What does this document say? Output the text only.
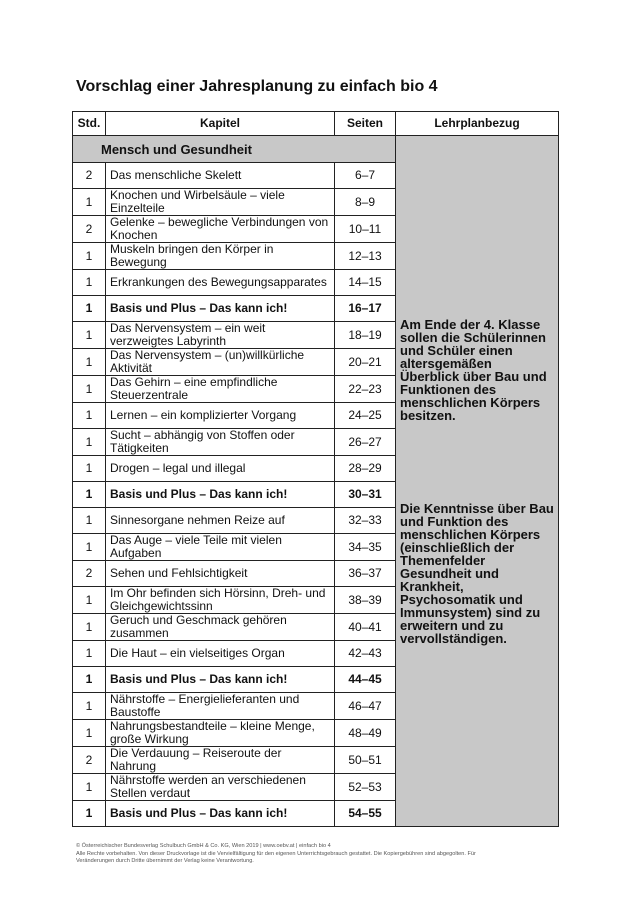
Vorschlag einer Jahresplanung zu einfach bio 4
Std.	Kapitel	Seiten	Lehrplanbezug
Mensch und Gesundheit			Am Ende der 4. Klasse sollen die Schülerinnen und Schüler einen altersgemäßen Überblick über Bau und Funktionen des menschlichen Körpers besitzen.
Die Kenntnisse über Bau und Funktion des menschlichen Körpers (einschließlich der Themenfelder Gesundheit und Krankheit, Psychosomatik und Immunsystem) sind zu erweitern und zu vervollständigen.

2	Das menschliche Skelett	6–7	
1	Knochen und Wirbelsäule – viele Einzelteile	8–9	
2	Gelenke – bewegliche Verbindungen von Knochen	10–11	
1	Muskeln bringen den Körper in Bewegung	12–13	
1	Erkrankungen des Bewegungsapparates	14–15	
1	Basis und Plus – Das kann ich!	16–17	
1	Das Nervensystem – ein weit verzweigtes Labyrinth	18–19	
1	Das Nervensystem – (un)willkürliche Aktivität	20–21	
1	Das Gehirn – eine empfindliche Steuerzentrale	22–23	
1	Lernen – ein komplizierter Vorgang	24–25	
1	Sucht – abhängig von Stoffen oder Tätigkeiten	26–27	
1	Drogen – legal und illegal	28–29	
1	Basis und Plus – Das kann ich!	30–31	
1	Sinnesorgane nehmen Reize auf	32–33	
1	Das Auge – viele Teile mit vielen Aufgaben	34–35	
2	Sehen und Fehlsichtigkeit	36–37	
1	Im Ohr befinden sich Hörsinn, Dreh- und Gleichgewichtssinn	38–39	
1	Geruch und Geschmack gehören zusammen	40–41	
1	Die Haut – ein vielseitiges Organ	42–43	
1	Basis und Plus – Das kann ich!	44–45	
1	Nährstoffe – Energielieferanten und Baustoffe	46–47	
1	Nahrungsbestandteile – kleine Menge, große Wirkung	48–49	
2	Die Verdauung – Reiseroute der Nahrung	50–51	
1	Nährstoffe werden an verschiedenen Stellen verdaut	52–53	
1	Basis und Plus – Das kann ich!	54–55	
© Österreichischer Bundesverlag Schulbuch GmbH & Co. KG, Wien 2019 | www.oebv.at | einfach bio 4
Alle Rechte vorbehalten. Von dieser Druckvorlage ist die Vervielfältigung für den eigenen Unterrichtsgebrauch gestattet. Die Kopiergebühren sind abgegolten. Für
Veränderungen durch Dritte übernimmt der Verlag keine Verantwortung.
